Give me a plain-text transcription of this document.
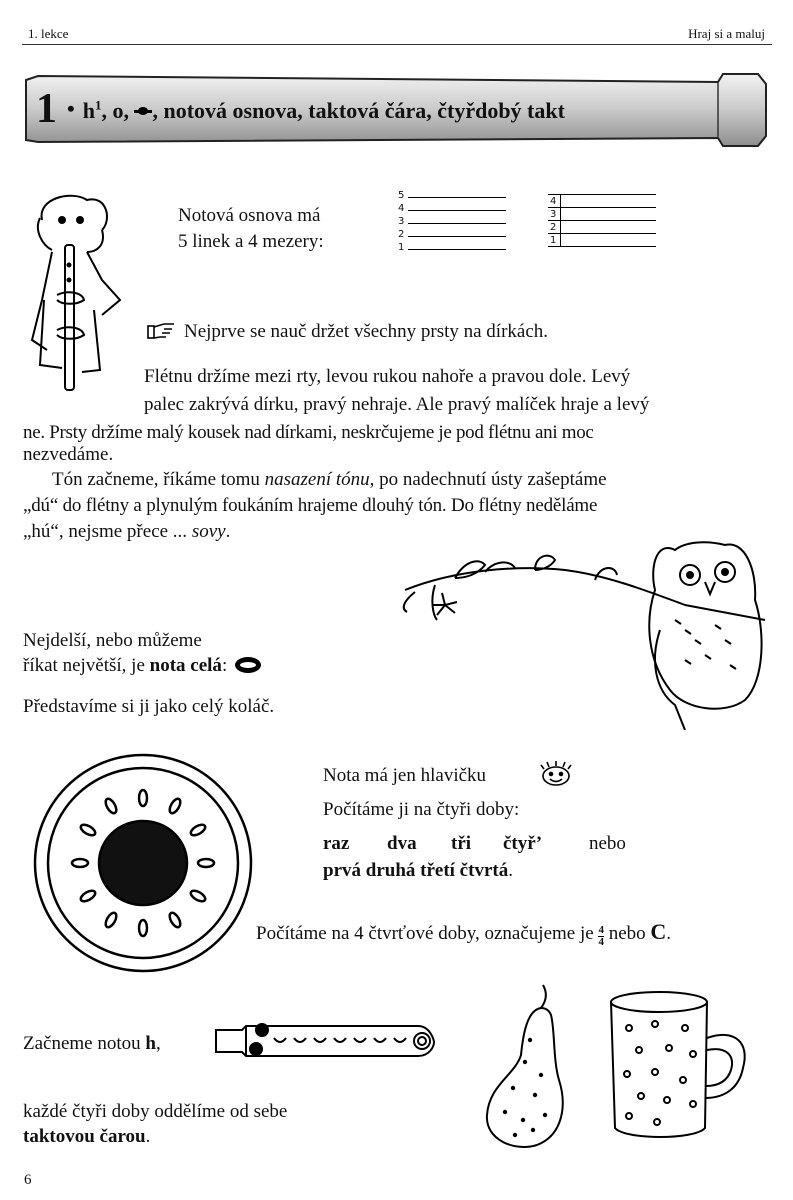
1. lekce	Hraj si a maluj
1 • $h^1$, o,
, notová osnova, taktová čára, čtyřdobý takt
Notová osnova má
5 linek a 4 mezery:
5
4
3
2
1
4
3
2
1
Nejprve se nauč držet všechny prsty na dírkách.
Flétnu držíme mezi rty, levou rukou nahoře a pravou dole. Levý
palec zakrývá dírku, pravý nehraje. Ale pravý malíček hraje a levý
ne. Prsty držíme malý kousek nad dírkami, neskrčujeme je pod flétnu ani moc
nezvedáme.
Tón začneme, říkáme tomu nasazení tónu, po nadechnutí ústy zašeptáme
„dú“ do flétny a plynulým foukáním hrajeme dlouhý tón. Do flétny neděláme
„hú“, nejsme přece ... sovy.
Nejdelší, nebo můžeme
říkat největší, je nota celá:
Představíme si ji jako celý koláč.
Nota má jen hlavičku
Počítáme ji na čtyři doby:
raz dva tři čtyř’	nebo
prvá druhá třetí čtvrtá.
Počítáme na 4 čtvrťové doby, označujeme je $\frac{4}{4}$ nebo C.
Začneme notou h,
každé čtyři doby oddělíme od sebe
taktovou čarou.
6
